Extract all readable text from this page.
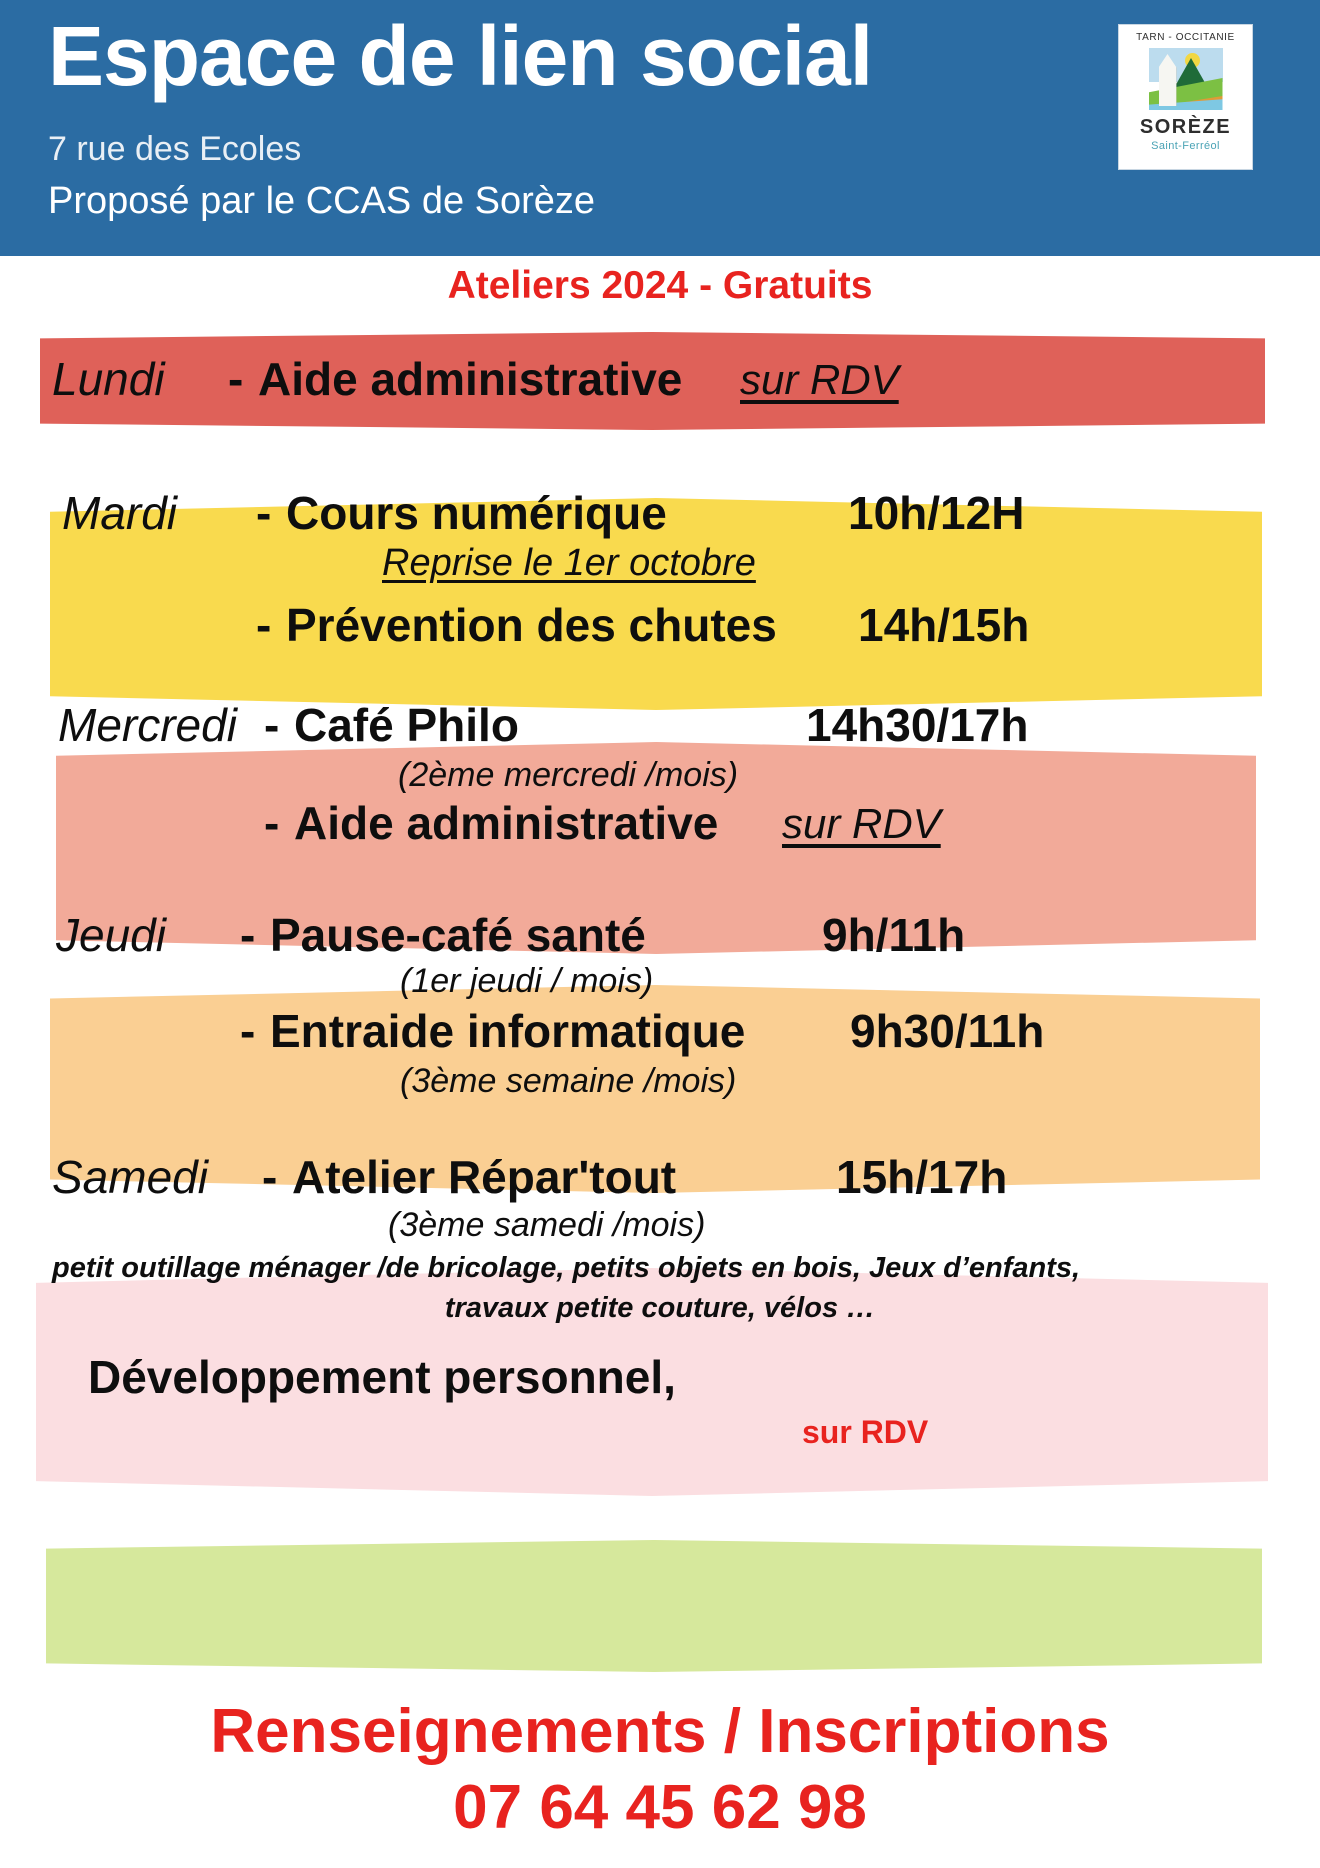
Espace de lien social
7 rue des Ecoles
Proposé par le CCAS de Sorèze
TARN - OCCITANIE
SORÈZE
Saint-Ferréol
Ateliers 2024 - Gratuits
Lundi - Aide administrative sur RDV
Mardi - Cours numérique	10h/12H
Reprise le 1er octobre
- Prévention des chutes 14h/15h
Mercredi - Café Philo	14h30/17h
(2ème mercredi /mois)
- Aide administrative sur RDV
Jeudi - Pause-café santé	9h/11h
(1er jeudi / mois)
- Entraide informatique 9h30/11h
(3ème semaine /mois)
Samedi - Atelier Répar'tout	15h/17h
(3ème samedi /mois)
petit outillage ménager /de bricolage, petits objets en bois, Jeux d’enfants,
travaux petite couture, vélos …
Développement personnel,
sur RDV
Renseignements / Inscriptions
07 64 45 62 98
